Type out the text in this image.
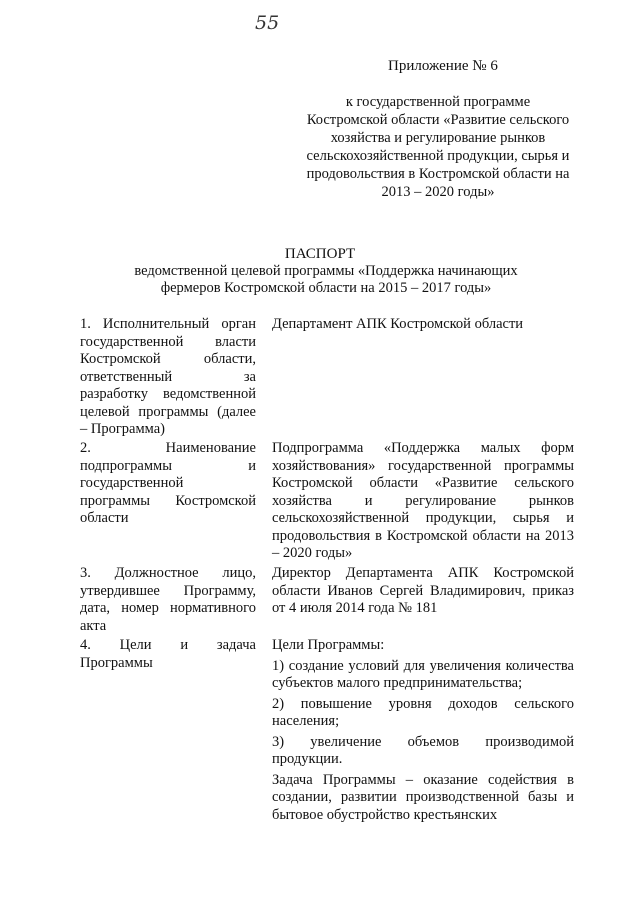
55
Приложение № 6
к государственной программе Костромской области «Развитие сельского хозяйства и регулирование рынков сельскохозяйственной продукции, сырья и продовольствия в Костромской области на 2013 – 2020 годы»
ПАСПОРТ
ведомственной целевой программы «Поддержка начинающих фермеров Костромской области на 2015 – 2017 годы»
1. Исполнительный орган государственной власти Костромской области, ответственный за разработку ведомственной целевой программы (далее – Программа)
Департамент АПК Костромской области
2. Наименование подпрограммы и государственной программы Костромской области
Подпрограмма «Поддержка малых форм хозяйствования» государственной программы Костромской области «Развитие сельского хозяйства и регулирование рынков сельскохозяйственной продукции, сырья и продовольствия в Костромской области на 2013 – 2020 годы»
3. Должностное лицо, утвердившее Программу, дата, номер нормативного акта
Директор Департамента АПК Костромской области Иванов Сергей Владимирович, приказ от 4 июля 2014 года № 181
4. Цели и задача Программы

Цели Программы:

1) создание условий для увеличения количества субъектов малого предпринимательства;

2) повышение уровня доходов сельского населения;

3) увеличение объемов производимой продукции.

Задача Программы – оказание содействия в создании, развитии производственной базы и бытовое обустройство крестьянских
